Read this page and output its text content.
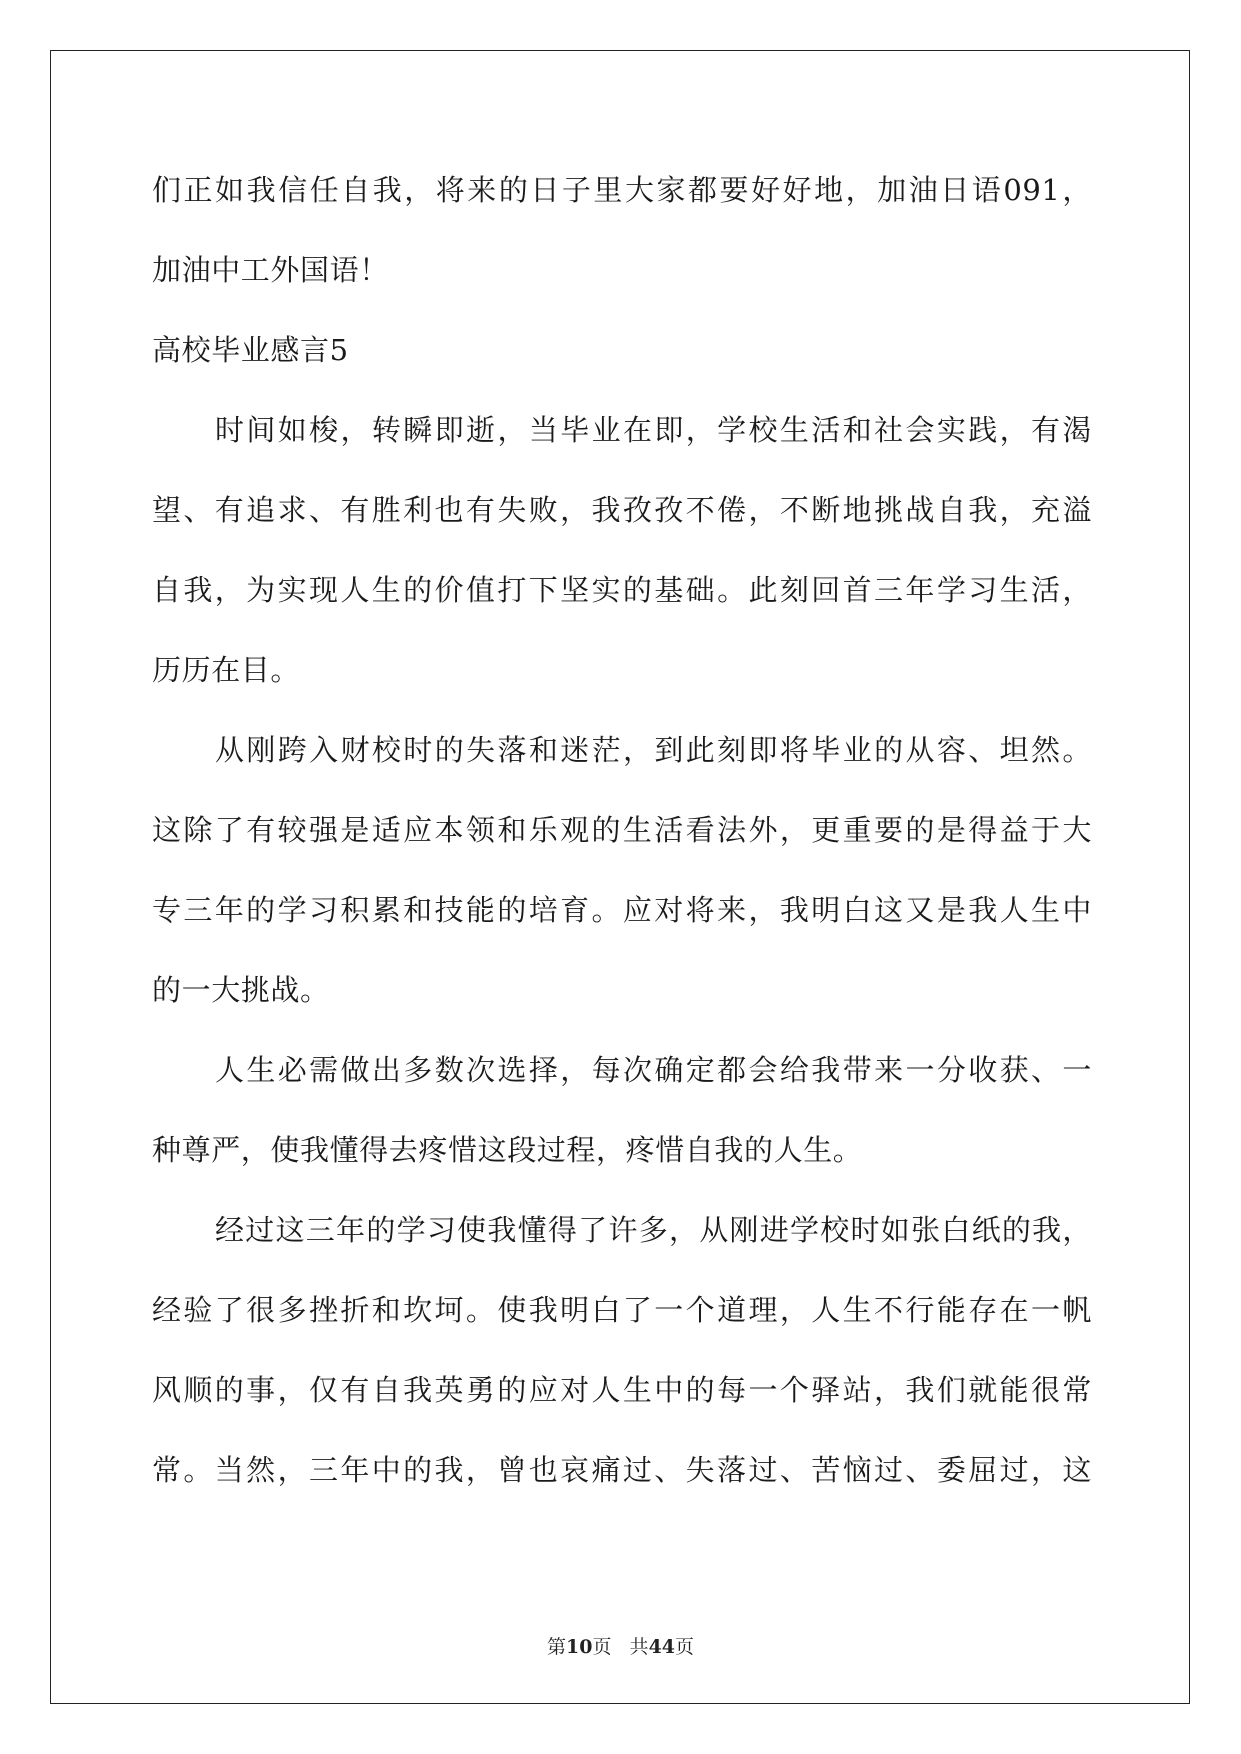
们正如我信任自我，将来的日子里大家都要好好地，加油日语091，
加油中工外国语！
高校毕业感言5
时间如梭，转瞬即逝，当毕业在即，学校生活和社会实践，有渴
望、有追求、有胜利也有失败，我孜孜不倦，不断地挑战自我，充溢
自我，为实现人生的价值打下坚实的基础。此刻回首三年学习生活，
历历在目。
从刚跨入财校时的失落和迷茫，到此刻即将毕业的从容、坦然。
这除了有较强是适应本领和乐观的生活看法外，更重要的是得益于大
专三年的学习积累和技能的培育。应对将来，我明白这又是我人生中
的一大挑战。
人生必需做出多数次选择，每次确定都会给我带来一分收获、一
种尊严，使我懂得去疼惜这段过程，疼惜自我的人生。
经过这三年的学习使我懂得了许多，从刚进学校时如张白纸的我，
经验了很多挫折和坎坷。使我明白了一个道理，人生不行能存在一帆
风顺的事，仅有自我英勇的应对人生中的每一个驿站，我们就能很常
常。当然，三年中的我，曾也哀痛过、失落过、苦恼过、委屈过，这
第10页   共44页
